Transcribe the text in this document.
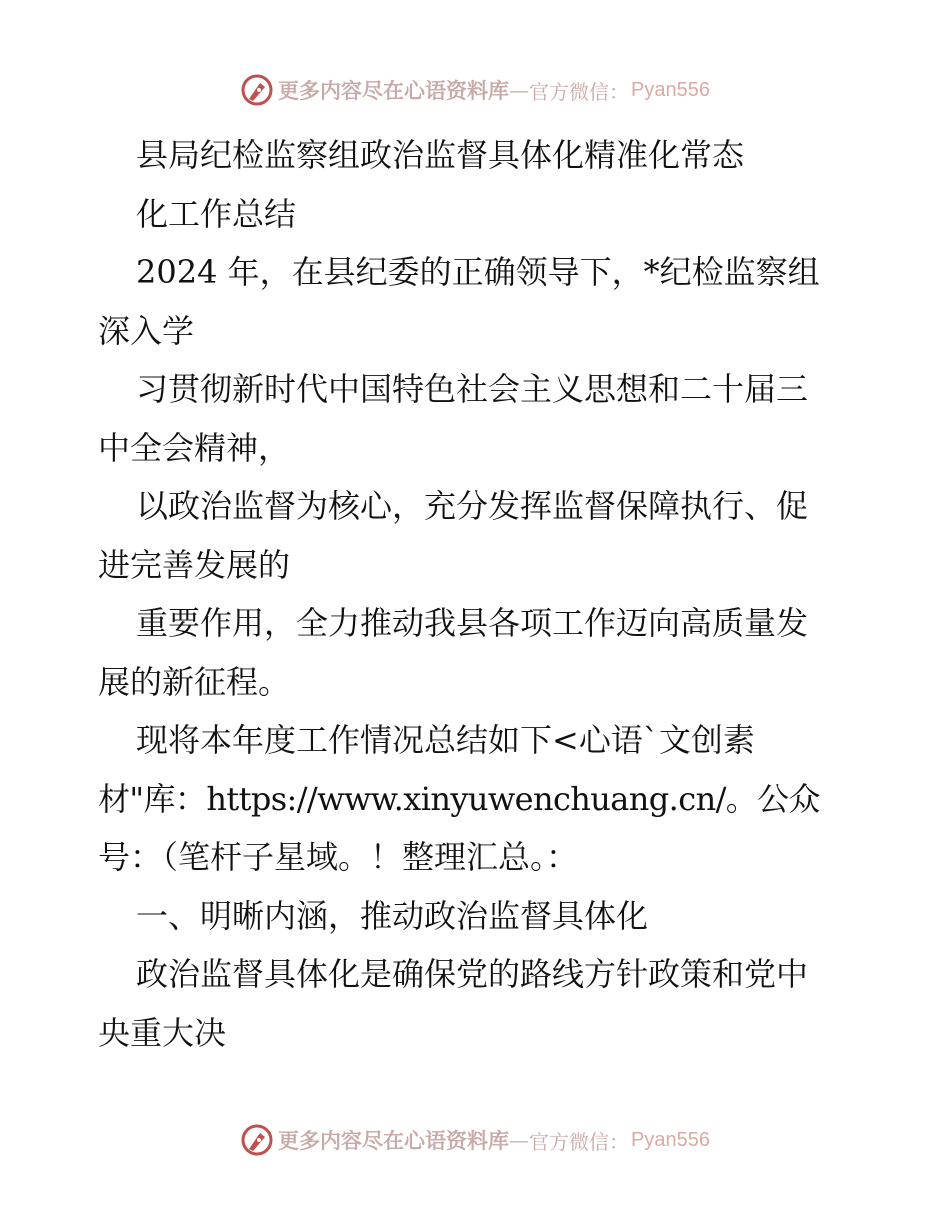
更多内容尽在心语资料库 — 官方微信： Pyan556
县局纪检监察组政治监督具体化精准化常态
化工作总结
2024 年，在县纪委的正确领导下，*纪检监察组
深入学
习贯彻新时代中国特色社会主义思想和二十届三
中全会精神，
以政治监督为核心，充分发挥监督保障执行、促
进完善发展的
重要作用，全力推动我县各项工作迈向高质量发
展的新征程。
现将本年度工作情况总结如下<心语`文创素
材"库：https://www.xinyuwenchuang.cn/。公众
号：（笔杆子星域。！整理汇总。：
一、明晰内涵，推动政治监督具体化
政治监督具体化是确保党的路线方针政策和党中
央重大决
更多内容尽在心语资料库 — 官方微信： Pyan556
